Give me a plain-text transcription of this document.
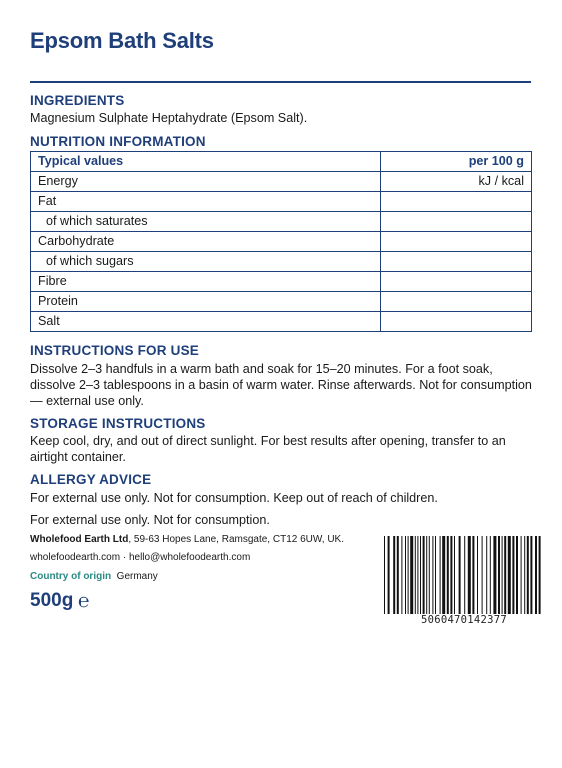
Epsom Bath Salts
INGREDIENTS

Magnesium Sulphate Heptahydrate (Epsom Salt).

NUTRITION INFORMATION
Typical values	per 100 g
Energy	kJ / kcal
Fat	
of which saturates	
Carbohydrate	
of which sugars	
Fibre	
Protein	
Salt	
INSTRUCTIONS FOR USE

Dissolve 2–3 handfuls in a warm bath and soak for 15–20 minutes. For a foot soak, dissolve 2–3 tablespoons in a basin of warm water. Rinse afterwards. Not for consumption — external use only.

STORAGE INSTRUCTIONS

Keep cool, dry, and out of direct sunlight. For best results after opening, transfer to an airtight container.

ALLERGY ADVICE

For external use only. Not for consumption. Keep out of reach of children.

For external use only. Not for consumption.

Wholefood Earth Ltd, 59-63 Hopes Lane, Ramsgate, CT12 6UW, UK.

wholefoodearth.com · hello@wholefoodearth.com

Country of origin Germany

500g ℮
5060470142377
